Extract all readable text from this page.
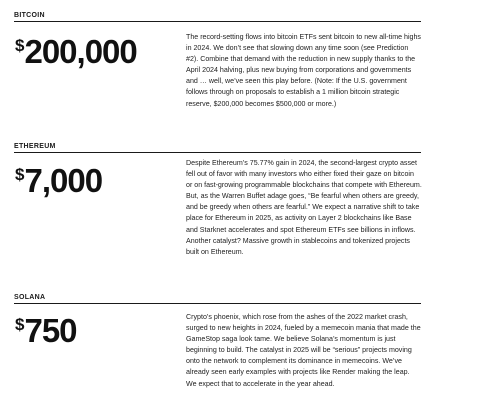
BITCOIN
$200,000	The record-setting flows into bitcoin ETFs sent bitcoin to new all-time highs in 2024. We don’t see that slowing down any time soon (see Prediction #2). Combine that demand with the reduction in new supply thanks to the April 2024 halving, plus new buying from corporations and governments and … well, we’ve seen this play before. (Note: If the U.S. government follows through on proposals to establish a 1 million bitcoin strategic reserve, $200,000 becomes $500,000 or more.)
ETHEREUM
$7,000	Despite Ethereum’s 75.77% gain in 2024, the second-largest crypto asset fell out of favor with many investors who either fixed their gaze on bitcoin or on fast-growing programmable blockchains that compete with Ethereum. But, as the Warren Buffet adage goes, “Be fearful when others are greedy, and be greedy when others are fearful.” We expect a narrative shift to take place for Ethereum in 2025, as activity on Layer 2 blockchains like Base and Starknet accelerates and spot Ethereum ETFs see billions in inflows. Another catalyst? Massive growth in stablecoins and tokenized projects built on Ethereum.
SOLANA
$750	Crypto’s phoenix, which rose from the ashes of the 2022 market crash, surged to new heights in 2024, fueled by a memecoin mania that made the GameStop saga look tame. We believe Solana’s momentum is just beginning to build. The catalyst in 2025 will be “serious” projects moving onto the network to complement its dominance in memecoins. We’ve already seen early examples with projects like Render making the leap. We expect that to accelerate in the year ahead.
